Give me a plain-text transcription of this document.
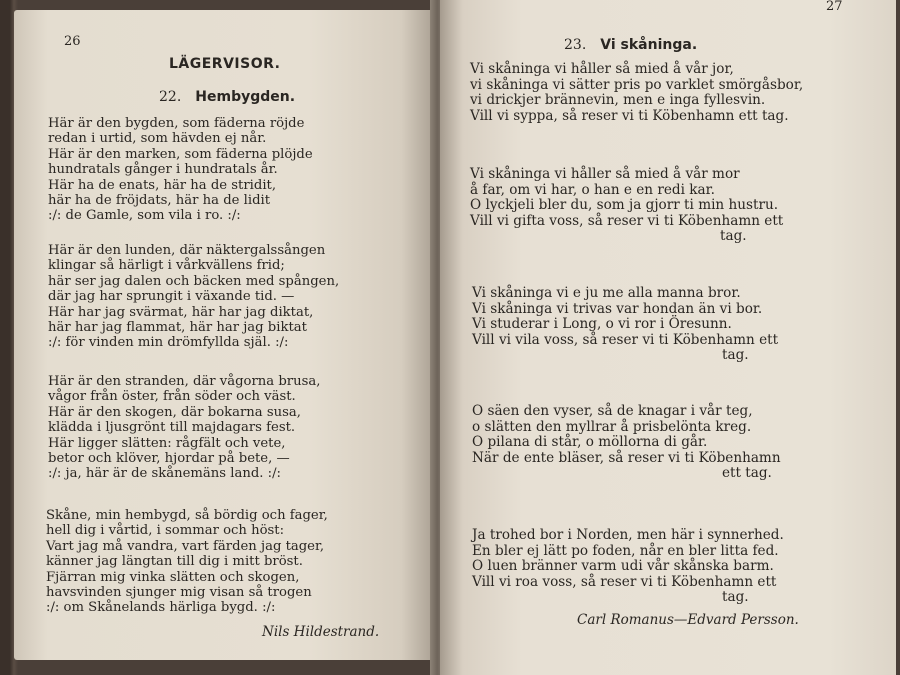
26
LÄGERVISOR.
22. Hembygden.
Här är den bygden, som fäderna röjde
redan i urtid, som hävden ej når.
Här är den marken, som fäderna plöjde
hundratals gånger i hundratals år.
Här ha de enats, här ha de stridit,
här ha de fröjdats, här ha de lidit
:/: de Gamle, som vila i ro. :/:
Här är den lunden, där näktergalssången
klingar så härligt i vårkvällens frid;
här ser jag dalen och bäcken med spången,
där jag har sprungit i växande tid. —
Här har jag svärmat, här har jag diktat,
här har jag flammat, här har jag biktat
:/: för vinden min drömfyllda själ. :/:
Här är den stranden, där vågorna brusa,
vågor från öster, från söder och väst.
Här är den skogen, där bokarna susa,
klädda i ljusgrönt till majdagars fest.
Här ligger slätten: rågfält och vete,
betor och klöver, hjordar på bete, —
:/: ja, här är de skånemäns land. :/:
Skåne, min hembygd, så bördig och fager,
hell dig i vårtid, i sommar och höst:
Vart jag må vandra, vart färden jag tager,
känner jag längtan till dig i mitt bröst.
Fjärran mig vinka slätten och skogen,
havsvinden sjunger mig visan så trogen
:/: om Skånelands härliga bygd. :/:
Nils Hildestrand.
27
23. Vi skåninga.
Vi skåninga vi håller så mied å vår jor,
vi skåninga vi sätter pris po varklet smörgåsbor,
vi drickjer brännevin, men e inga fyllesvin.
Vill vi syppa, så reser vi ti Köbenhamn ett tag.
Vi skåninga vi håller så mied å vår mor
å far, om vi har, o han e en redi kar.
O lyckjeli bler du, som ja gjorr ti min hustru.
Vill vi gifta voss, så reser vi ti Köbenhamn ett
tag.
Vi skåninga vi e ju me alla manna bror.
Vi skåninga vi trivas var hondan än vi bor.
Vi studerar i Long, o vi ror i Öresunn.
Vill vi vila voss, så reser vi ti Köbenhamn ett
tag.
O säen den vyser, så de knagar i vår teg,
o slätten den myllrar å prisbelönta kreg.
O pilana di står, o möllorna di går.
När de ente bläser, så reser vi ti Köbenhamn
ett tag.
Ja trohed bor i Norden, men här i synnerhed.
En bler ej lätt po foden, når en bler litta fed.
O luen bränner varm udi vår skånska barm.
Vill vi roa voss, så reser vi ti Köbenhamn ett
tag.
Carl Romanus—Edvard Persson.
